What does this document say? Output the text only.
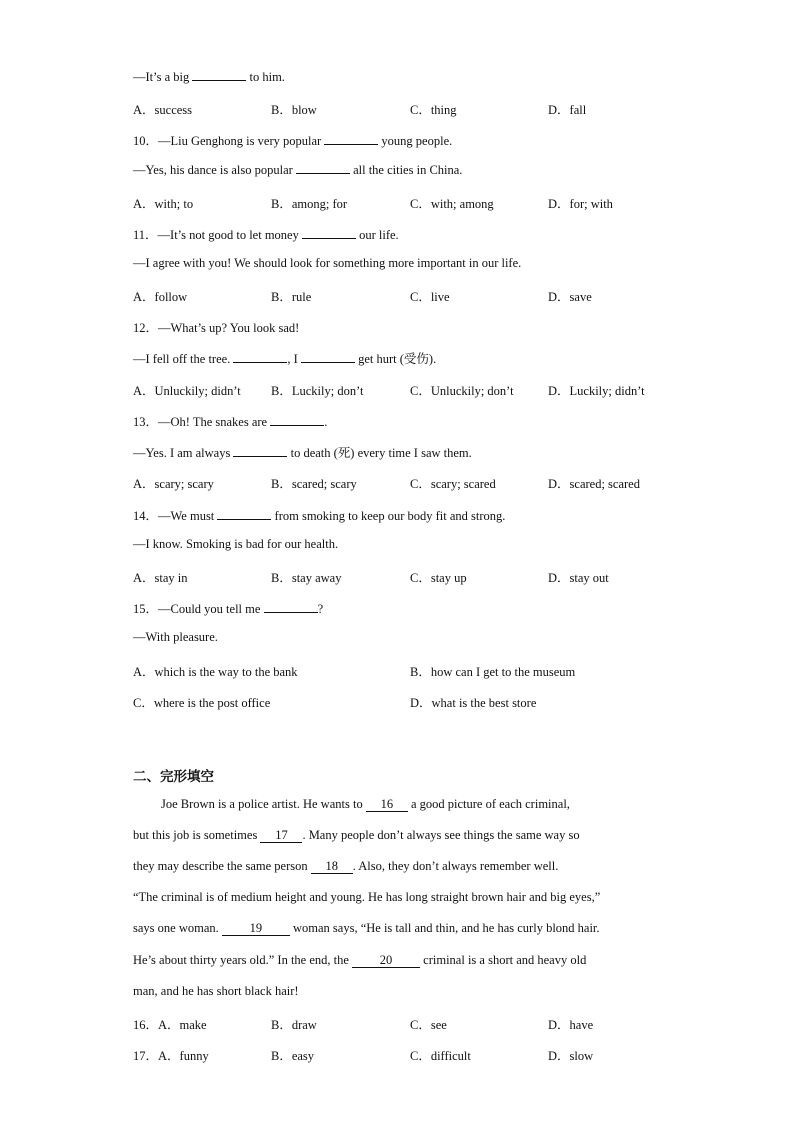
—It’s a big	to him.
A．success	B．blow	C．thing	D．fall
10．—Liu Genghong is very popular	young people.
—Yes, his dance is also popular	all the cities in China.
A．with; to	B．among; for	C．with; among	D．for; with
11．—It’s not good to let money	our life.
—I agree with you! We should look for something more important in our life.
A．follow	B．rule	C．live	D．save
12．—What’s up? You look sad!
—I fell off the tree.	, I	get hurt (受伤).
A．Unluckily; didn’t B．Luckily; don’t	C．Unluckily; don’t	D．Luckily; didn’t
13．—Oh! The snakes are	.
—Yes. I am always	to death (死) every time I saw them.
A．scary; scary	B．scared; scary	C．scary; scared	D．scared; scared
14．—We must	from smoking to keep our body fit and strong.
—I know. Smoking is bad for our health.
A．stay in	B．stay away	C．stay up	D．stay out
15．—Could you tell me	?
—With pleasure.
A．which is the way to the bank	B．how can I get to the museum
C．where is the post office	D．what is the best store
二、完形填空
Joe Brown is a police artist. He wants to 16 a good picture of each criminal,
but this job is sometimes 17 . Many people don’t always see things the same way so
they may describe the same person 18 . Also, they don’t always remember well.
“The criminal is of medium height and young. He has long straight brown hair and big eyes,”
says one woman. 19 woman says, “He is tall and thin, and he has curly blond hair.
He’s about thirty years old.” In the end, the 20 criminal is a short and heavy old
man, and he has short black hair!
16．A．make	B．draw	C．see	D．have
17．A．funny	B．easy	C．difficult	D．slow
